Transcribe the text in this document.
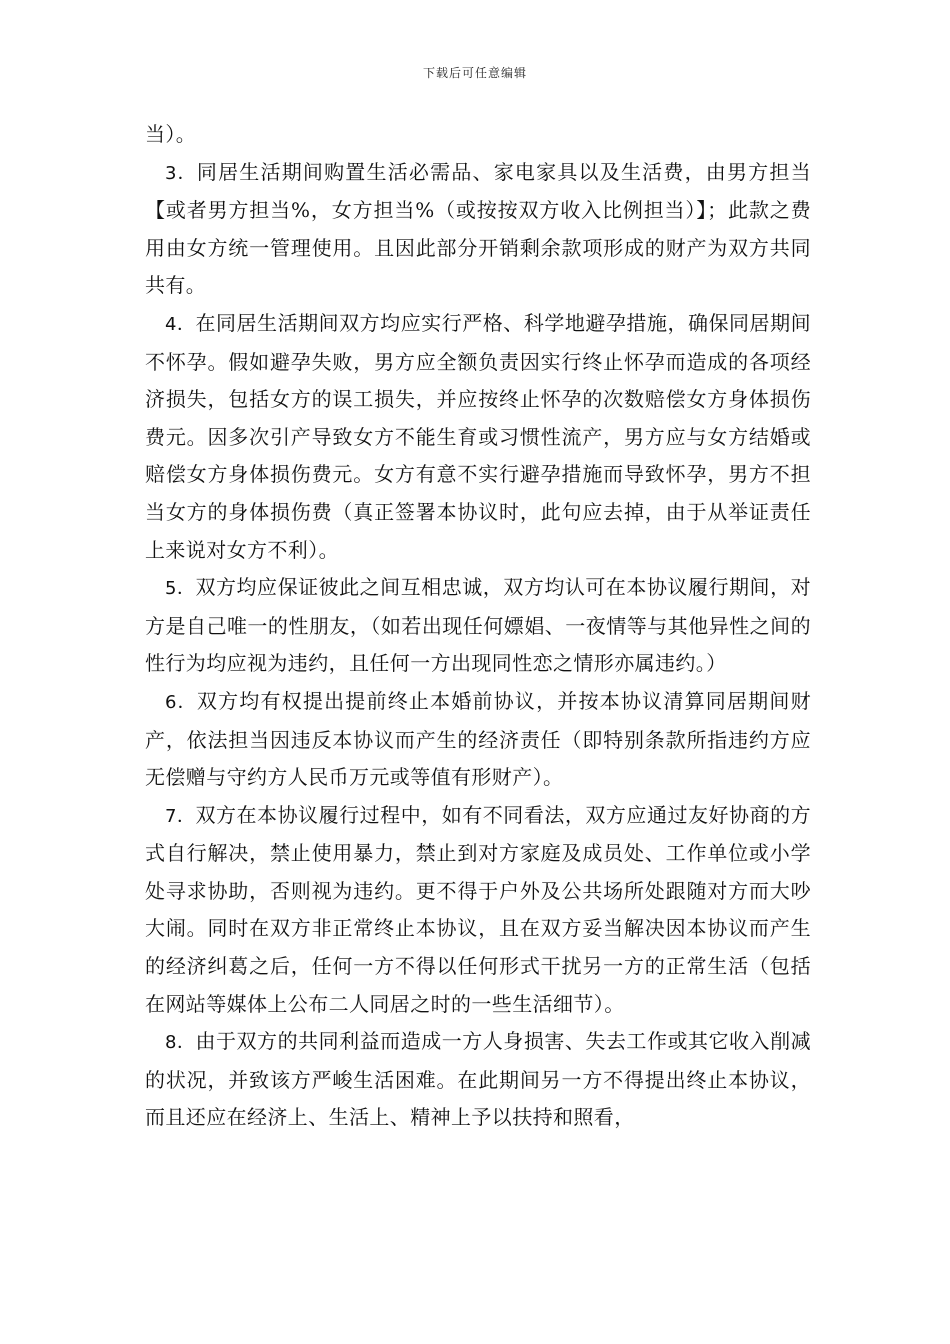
下载后可任意编辑

当）。

3．同居生活期间购置生活必需品、家电家具以及生活费，由男方担当【或者男方担当%，女方担当%（或按按双方收入比例担当）】；此款之费用由女方统一管理使用。且因此部分开销剩余款项形成的财产为双方共同共有。

4．在同居生活期间双方均应实行严格、科学地避孕措施，确保同居期间不怀孕。假如避孕失败，男方应全额负责因实行终止怀孕而造成的各项经济损失，包括女方的误工损失，并应按终止怀孕的次数赔偿女方身体损伤费元。因多次引产导致女方不能生育或习惯性流产，男方应与女方结婚或赔偿女方身体损伤费元。女方有意不实行避孕措施而导致怀孕，男方不担当女方的身体损伤费（真正签署本协议时，此句应去掉，由于从举证责任上来说对女方不利）。

5．双方均应保证彼此之间互相忠诚，双方均认可在本协议履行期间，对方是自己唯一的性朋友，（如若出现任何嫖娼、一夜情等与其他异性之间的性行为均应视为违约，且任何一方出现同性恋之情形亦属违约。）

6．双方均有权提出提前终止本婚前协议，并按本协议清算同居期间财产，依法担当因违反本协议而产生的经济责任（即特别条款所指违约方应无偿赠与守约方人民币万元或等值有形财产）。

7．双方在本协议履行过程中，如有不同看法，双方应通过友好协商的方式自行解决，禁止使用暴力，禁止到对方家庭及成员处、工作单位或小学处寻求协助，否则视为违约。更不得于户外及公共场所处跟随对方而大吵大闹。同时在双方非正常终止本协议，且在双方妥当解决因本协议而产生的经济纠葛之后，任何一方不得以任何形式干扰另一方的正常生活（包括在网站等媒体上公布二人同居之时的一些生活细节）。

8．由于双方的共同利益而造成一方人身损害、失去工作或其它收入削减的状况，并致该方严峻生活困难。在此期间另一方不得提出终止本协议，而且还应在经济上、生活上、精神上予以扶持和照看，
